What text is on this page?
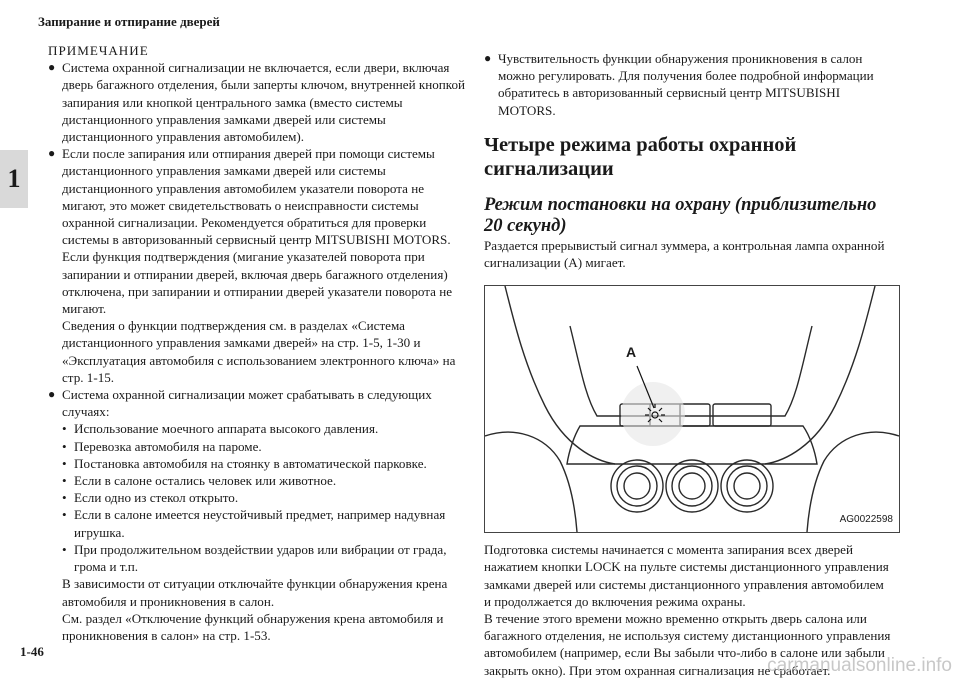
Запирание и отпирание дверей
1
ПРИМЕЧАНИЕ
● Система охранной сигнализации не включается, если двери, включая дверь багажного отделения, были заперты ключом, внутренней кнопкой запирания или кнопкой центрального замка (вместо системы дистанционного управления замками дверей или системы дистанционного управления автомобилем).
● Если после запирания или отпирания дверей при помощи системы дистанционного управления замками дверей или системы дистанционного управления автомобилем указатели поворота не мигают, это может свидетельствовать о неисправности системы охранной сигнализации. Рекомендуется обратиться для проверки системы в авторизованный сервисный центр MITSUBISHI MOTORS.
Если функция подтверждения (мигание указателей поворота при запирании и отпирании дверей, включая дверь багажного отделения) отключена, при запирании и отпирании дверей указатели поворота не мигают.
Сведения о функции подтверждения см. в разделах «Система дистанционного управления замками дверей» на стр. 1-5, 1-30 и «Эксплуатация автомобиля с использованием электронного ключа» на стр. 1-15.
● Система охранной сигнализации может срабатывать в следующих случаях:
• Использование моечного аппарата высокого давления.
• Перевозка автомобиля на пароме.
• Постановка автомобиля на стоянку в автоматической парковке.
• Если в салоне остались человек или животное.
• Если одно из стекол открыто.
• Если в салоне имеется неустойчивый предмет, например надувная игрушка.
• При продолжительном воздействии ударов или вибрации от града, грома и т.п.
В зависимости от ситуации отключайте функции обнаружения крена автомобиля и проникновения в салон.
См. раздел «Отключение функций обнаружения крена автомобиля и проникновения в салон» на стр. 1-53.
● Чувствительность функции обнаружения проникновения в салон можно регулировать. Для получения более подробной информации обратитесь в авторизованный сервисный центр MITSUBISHI MOTORS.
Четыре режима работы охранной сигнализации
Режим постановки на охрану (приблизительно 20 секунд)
Раздается прерывистый сигнал зуммера, а контрольная лампа охранной сигнализации (A) мигает.
A
AG0022598
Подготовка системы начинается с момента запирания всех дверей нажатием кнопки LOCK на пульте системы дистанционного управления замками дверей или системы дистанционного управления автомобилем и продолжается до включения режима охраны.
В течение этого времени можно временно открыть дверь салона или багажного отделения, не используя систему дистанционного управления автомобилем (например, если Вы забыли что-либо в салоне или забыли закрыть окно). При этом охранная сигнализация не сработает.
1-46
carmanualsonline.info
